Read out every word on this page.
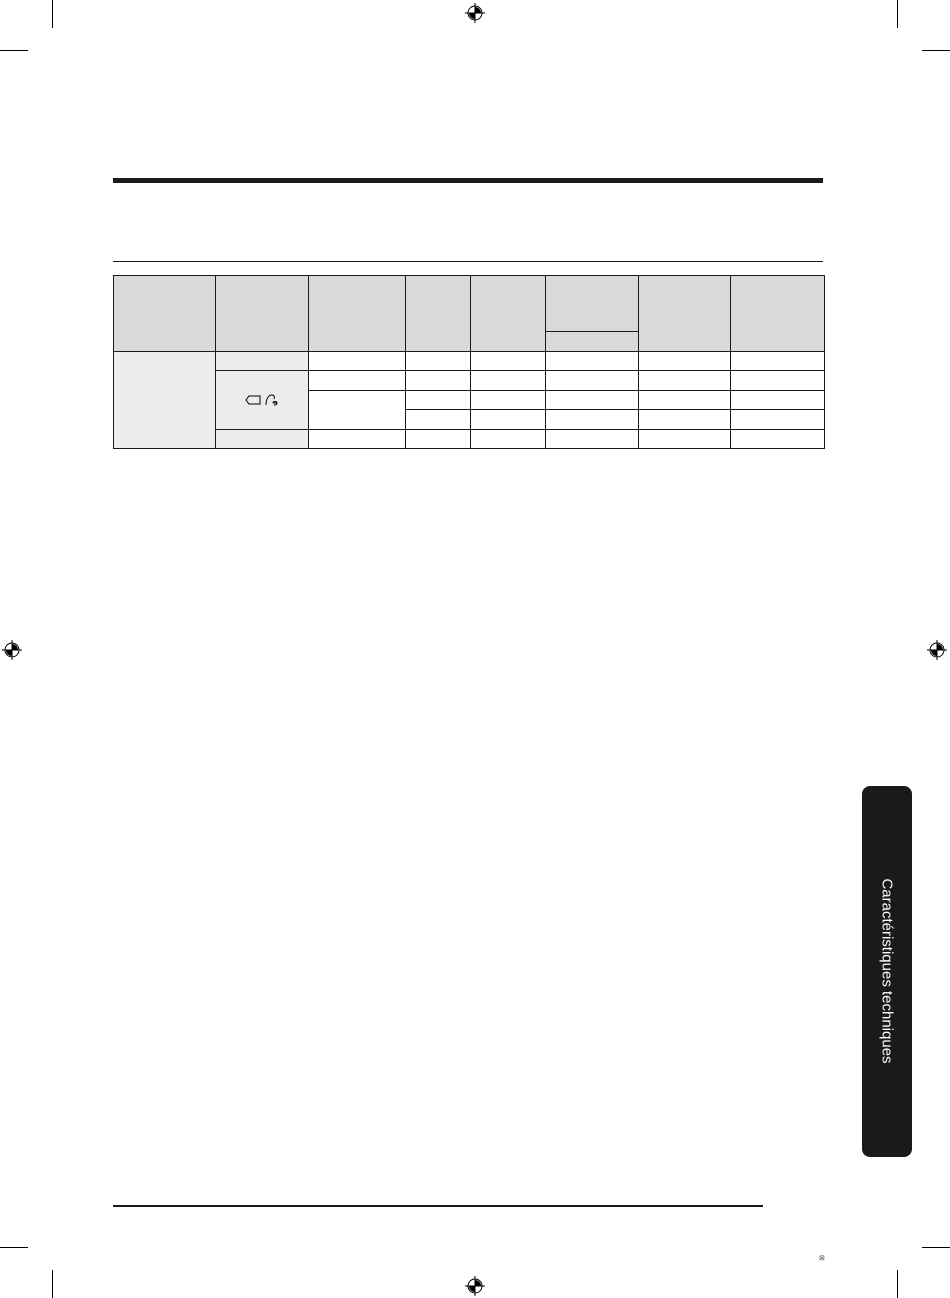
Caractéristiques techniques
⊠
